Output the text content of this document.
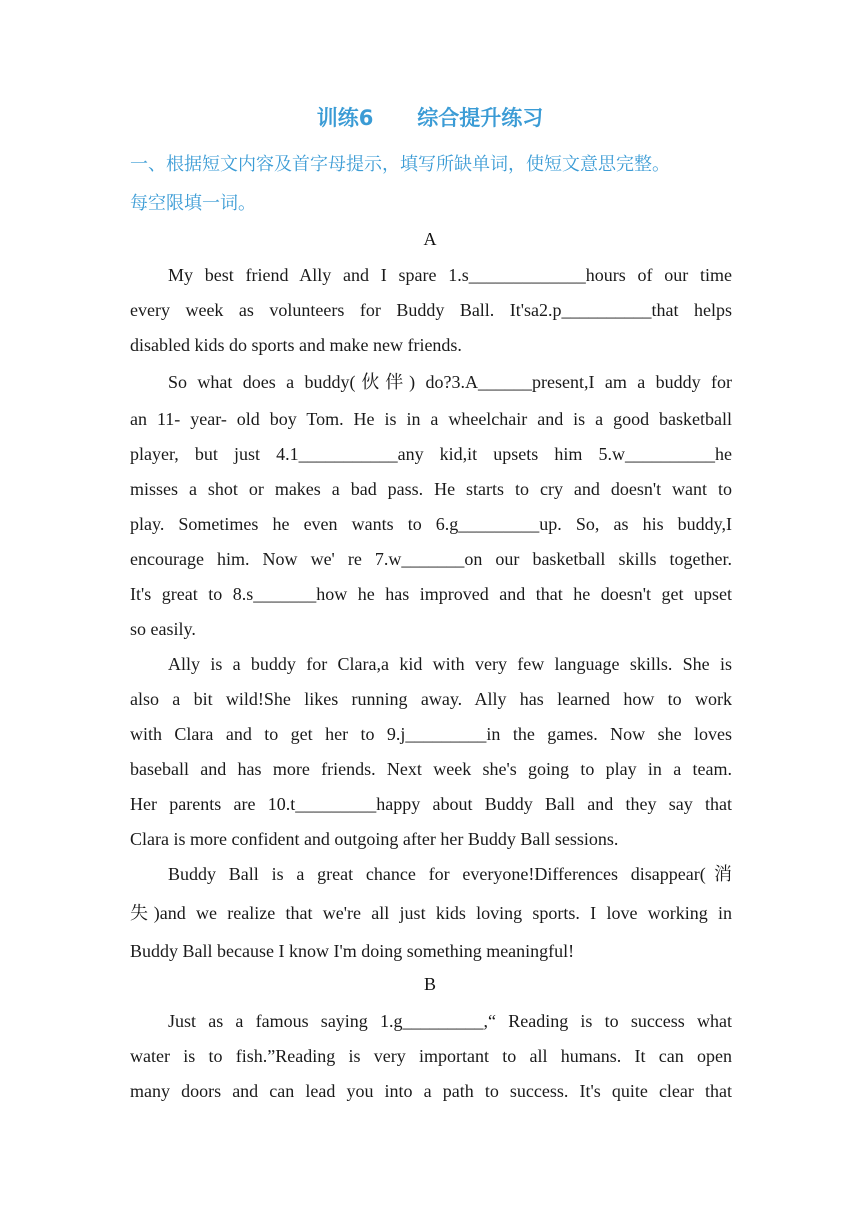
训练6      综合提升练习
一、根据短文内容及首字母提示，填写所缺单词，使短文意思完整。
每空限填一词。
A
My best friend Ally and I spare 1.s_____________hours of our time
every week as volunteers for Buddy Ball. It'sa2.p__________that helps
disabled kids do sports and make new friends.
So what does a buddy(伙伴) do?3.A______present,I am a buddy for
an 11- year- old boy Tom. He is in a wheelchair and is a good basketball
player, but just 4.1___________any kid,it upsets him 5.w__________he
misses a shot or makes a bad pass. He starts to cry and doesn't want to
play. Sometimes he even wants to 6.g_________up. So, as his buddy,I
encourage him. Now we' re 7.w_______on our basketball skills together.
It's great to 8.s_______how he has improved and that he doesn't get upset
so easily.
Ally is a buddy for Clara,a kid with very few language skills. She is
also a bit wild!She likes running away. Ally has learned how to work
with Clara and to get her to 9.j_________in the games. Now she loves
baseball and has more friends. Next week she's going to play in a team.
Her parents are 10.t_________happy about Buddy Ball and they say that
Clara is more confident and outgoing after her Buddy Ball sessions.
Buddy Ball is a great chance for everyone!Differences disappear(消
失)and we realize that we're all just kids loving sports. I love working in
Buddy Ball because I know I'm doing something meaningful!
B
Just as a famous saying 1.g_________,“ Reading is to success what
water is to fish.”Reading is very important to all humans. It can open
many doors and can lead you into a path to success. It's quite clear that
